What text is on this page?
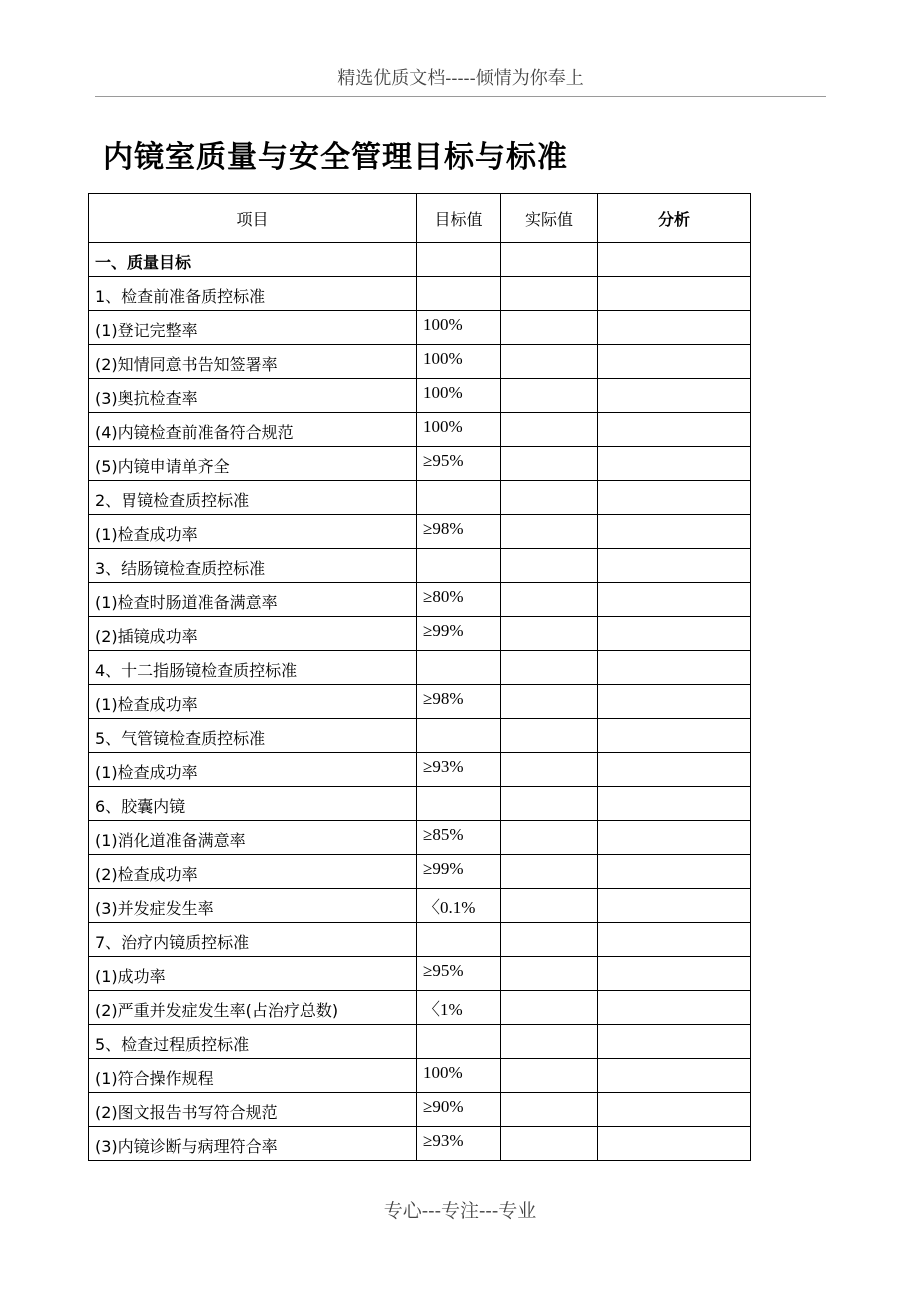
精选优质文档-----倾情为你奉上
内镜室质量与安全管理目标与标准
项目	目标值	实际值	分析
一、质量目标			
1、检查前准备质控标准			
(1)登记完整率	100%		
(2)知情同意书告知签署率	100%		
(3)奥抗检查率	100%		
(4)内镜检查前准备符合规范	100%		
(5)内镜申请单齐全	≥95%		
2、胃镜检查质控标准			
(1)检查成功率	≥98%		
3、结肠镜检查质控标准			
(1)检查时肠道准备满意率	≥80%		
(2)插镜成功率	≥99%		
4、十二指肠镜检查质控标准			
(1)检查成功率	≥98%		
5、气管镜检查质控标准			
(1)检查成功率	≥93%		
6、胶囊内镜			
(1)消化道准备满意率	≥85%		
(2)检查成功率	≥99%		
(3)并发症发生率	〈0.1%		
7、治疗内镜质控标准			
(1)成功率	≥95%		
(2)严重并发症发生率(占治疗总数)	〈1%		
5、检查过程质控标准			
(1)符合操作规程	100%		
(2)图文报告书写符合规范	≥90%		
(3)内镜诊断与病理符合率	≥93%		
专心---专注---专业
